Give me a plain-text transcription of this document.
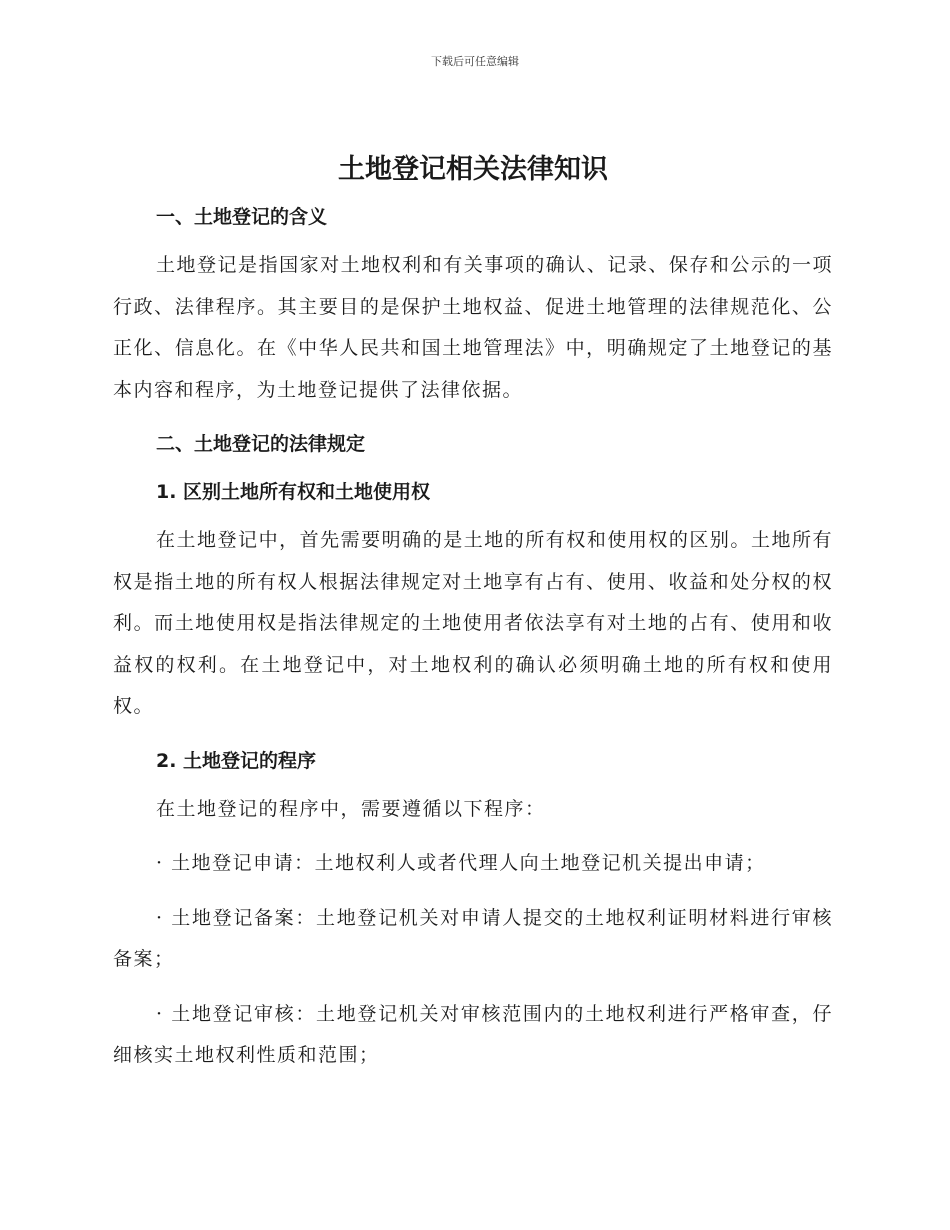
下载后可任意编辑
土地登记相关法律知识

一、土地登记的含义

土地登记是指国家对土地权利和有关事项的确认、记录、保存和公示的一项行政、法律程序。其主要目的是保护土地权益、促进土地管理的法律规范化、公正化、信息化。在《中华人民共和国土地管理法》中，明确规定了土地登记的基本内容和程序，为土地登记提供了法律依据。

二、土地登记的法律规定

1. 区别土地所有权和土地使用权

在土地登记中，首先需要明确的是土地的所有权和使用权的区别。土地所有权是指土地的所有权人根据法律规定对土地享有占有、使用、收益和处分权的权利。而土地使用权是指法律规定的土地使用者依法享有对土地的占有、使用和收益权的权利。在土地登记中，对土地权利的确认必须明确土地的所有权和使用权。

2. 土地登记的程序

在土地登记的程序中，需要遵循以下程序：

· 土地登记申请：土地权利人或者代理人向土地登记机关提出申请；

· 土地登记备案：土地登记机关对申请人提交的土地权利证明材料进行审核备案；

· 土地登记审核：土地登记机关对审核范围内的土地权利进行严格审查，仔细核实土地权利性质和范围；
